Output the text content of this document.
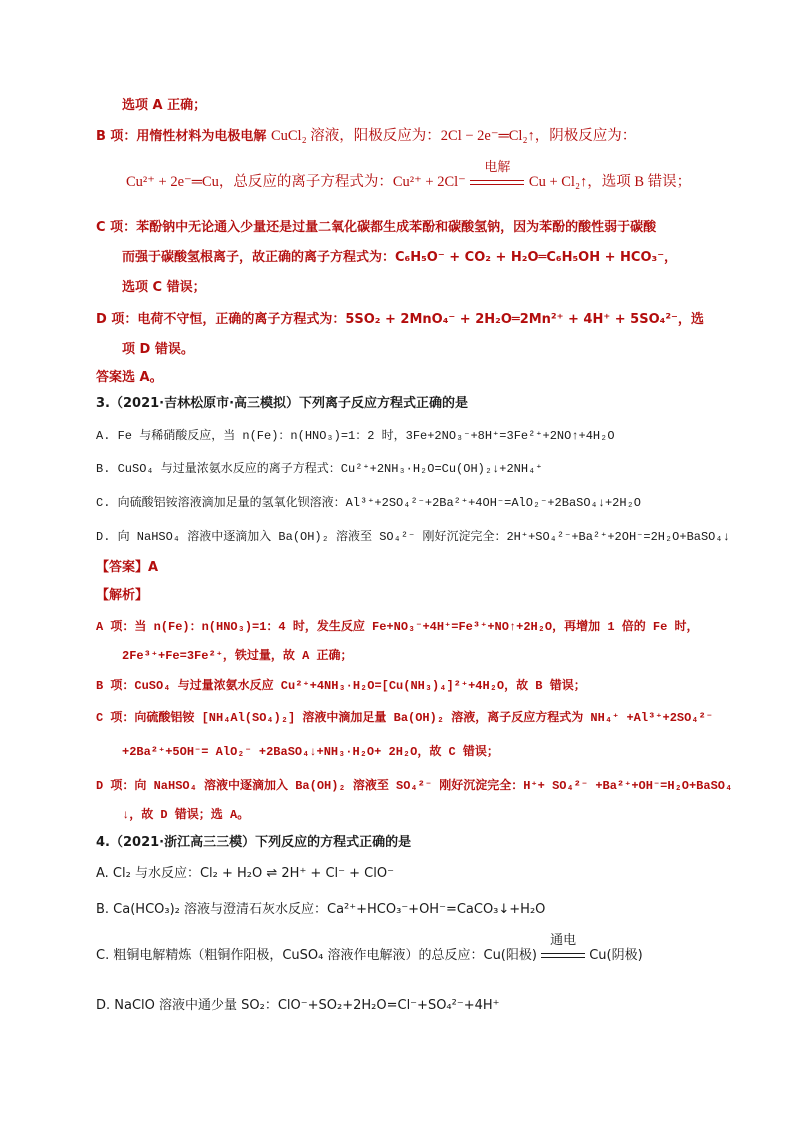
选项 A 正确；
B 项：用惰性材料为电极电解 CuCl₂ 溶液，阳极反应为：2Cl − 2e⁻═Cl₂↑，阴极反应为：
Cu²⁺ + 2e⁻═Cu，总反应的离子方程式为：Cu²⁺ + 2Cl⁻
电解
Cu + Cl₂↑，选项 B 错误；
C 项：苯酚钠中无论通入少量还是过量二氧化碳都生成苯酚和碳酸氢钠，因为苯酚的酸性弱于碳酸
而强于碳酸氢根离子，故正确的离子方程式为：C₆H₅O⁻ + CO₂ + H₂O═C₆H₅OH + HCO₃⁻，
选项 C 错误；
D 项：电荷不守恒，正确的离子方程式为：5SO₂ + 2MnO₄⁻ + 2H₂O═2Mn²⁺ + 4H⁺ + 5SO₄²⁻，选
项 D 错误。
答案选 A。
3.（2021·吉林松原市·高三模拟）下列离子反应方程式正确的是
A. Fe 与稀硝酸反应，当 n(Fe)：n(HNO₃)=1：2 时，3Fe+2NO₃⁻+8H⁺=3Fe²⁺+2NO↑+4H₂O
B. CuSO₄ 与过量浓氨水反应的离子方程式：Cu²⁺+2NH₃·H₂O=Cu(OH)₂↓+2NH₄⁺
C. 向硫酸铝铵溶液滴加足量的氢氧化钡溶液：Al³⁺+2SO₄²⁻+2Ba²⁺+4OH⁻=AlO₂⁻+2BaSO₄↓+2H₂O
D. 向 NaHSO₄ 溶液中逐滴加入 Ba(OH)₂ 溶液至 SO₄²⁻ 刚好沉淀完全：2H⁺+SO₄²⁻+Ba²⁺+2OH⁻=2H₂O+BaSO₄↓
【答案】A
【解析】
A 项：当 n(Fe)：n(HNO₃)=1：4 时，发生反应 Fe+NO₃⁻+4H⁺=Fe³⁺+NO↑+2H₂O，再增加 1 倍的 Fe 时，
2Fe³⁺+Fe=3Fe²⁺，铁过量，故 A 正确；
B 项：CuSO₄ 与过量浓氨水反应 Cu²⁺+4NH₃·H₂O=[Cu(NH₃)₄]²⁺+4H₂O，故 B 错误；
C 项：向硫酸铝铵 [NH₄Al(SO₄)₂] 溶液中滴加足量 Ba(OH)₂ 溶液，离子反应方程式为 NH₄⁺ +Al³⁺+2SO₄²⁻
+2Ba²⁺+5OH⁻= AlO₂⁻ +2BaSO₄↓+NH₃·H₂O+ 2H₂O，故 C 错误；
D 项：向 NaHSO₄ 溶液中逐滴加入 Ba(OH)₂ 溶液至 SO₄²⁻ 刚好沉淀完全：H⁺+ SO₄²⁻ +Ba²⁺+OH⁻=H₂O+BaSO₄
↓，故 D 错误；选 A。
4.（2021·浙江高三三模）下列反应的方程式正确的是
A. Cl₂ 与水反应：Cl₂ + H₂O ⇌ 2H⁺ + Cl⁻ + ClO⁻
B. Ca(HCO₃)₂ 溶液与澄清石灰水反应：Ca²⁺+HCO₃⁻+OH⁻=CaCO₃↓+H₂O
C. 粗铜电解精炼（粗铜作阳极，CuSO₄ 溶液作电解液）的总反应：Cu(阳极)
通电
Cu(阴极)
D. NaClO 溶液中通少量 SO₂：ClO⁻+SO₂+2H₂O=Cl⁻+SO₄²⁻+4H⁺
